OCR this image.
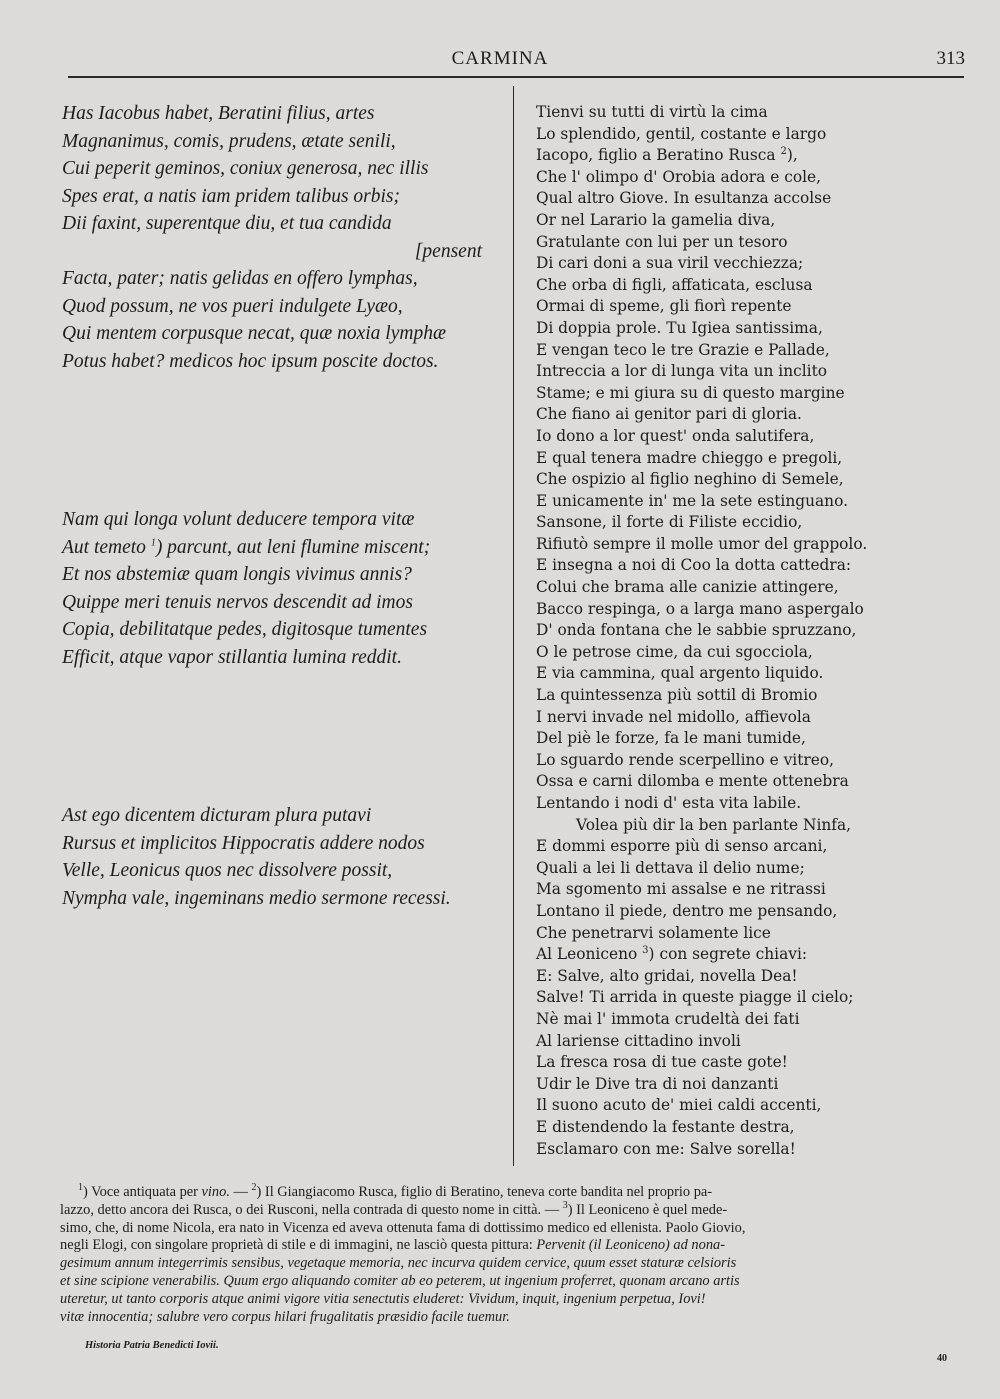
CARMINA	313
Has Iacobus habet, Beratini filius, artes
Magnanimus, comis, prudens, ætate senili,
Cui peperit geminos, coniux generosa, nec illis
Spes erat, a natis iam pridem talibus orbis;
Dii faxint, superentque diu, et tua candida
[pensent
Facta, pater; natis gelidas en offero lymphas,
Quod possum, ne vos pueri indulgete Lyæo,
Qui mentem corpusque necat, quæ noxia lymphæ
Potus habet? medicos hoc ipsum poscite doctos.
Nam qui longa volunt deducere tempora vitæ
Aut temeto $^1$) parcunt, aut leni flumine miscent;
Et nos abstemiæ quam longis vivimus annis?
Quippe meri tenuis nervos descendit ad imos
Copia, debilitatque pedes, digitosque tumentes
Efficit, atque vapor stillantia lumina reddit.
Ast ego dicentem dicturam plura putavi
Rursus et implicitos Hippocratis addere nodos
Velle, Leonicus quos nec dissolvere possit,
Nympha vale, ingeminans medio sermone recessi.
Tienvi su tutti di virtù la cima
Lo splendido, gentil, costante e largo
Iacopo, figlio a Beratino Rusca $^2$),
Che l' olimpo d' Orobia adora e cole,
Qual altro Giove. In esultanza accolse
Or nel Larario la gamelia diva,
Gratulante con lui per un tesoro
Di cari doni a sua viril vecchiezza;
Che orba di figli, affaticata, esclusa
Ormai di speme, gli fiorì repente
Di doppia prole. Tu Igiea santissima,
E vengan teco le tre Grazie e Pallade,
Intreccia a lor di lunga vita un inclito
Stame; e mi giura su di questo margine
Che fiano ai genitor pari di gloria.
Io dono a lor quest' onda salutifera,
E qual tenera madre chieggo e pregoli,
Che ospizio al figlio neghino di Semele,
E unicamente in' me la sete estinguano.
Sansone, il forte di Filiste eccidio,
Rifiutò sempre il molle umor del grappolo.
E insegna a noi di Coo la dotta cattedra:
Colui che brama alle canizie attingere,
Bacco respinga, o a larga mano aspergalo
D' onda fontana che le sabbie spruzzano,
O le petrose cime, da cui sgocciola,
E via cammina, qual argento liquido.
La quintessenza più sottil di Bromio
I nervi invade nel midollo, affievola
Del piè le forze, fa le mani tumide,
Lo sguardo rende scerpellino e vitreo,
Ossa e carni dilomba e mente ottenebra
Lentando i nodi d' esta vita labile.
Volea più dir la ben parlante Ninfa,
E dommi esporre più di senso arcani,
Quali a lei li dettava il delio nume;
Ma sgomento mi assalse e ne ritrassi
Lontano il piede, dentro me pensando,
Che penetrarvi solamente lice
Al Leoniceno $^3$) con segrete chiavi:
E: Salve, alto gridai, novella Dea!
Salve! Ti arrida in queste piagge il cielo;
Nè mai l' immota crudeltà dei fati
Al lariense cittadino involi
La fresca rosa di tue caste gote!
Udir le Dive tra di noi danzanti
Il suono acuto de' miei caldi accenti,
E distendendo la festante destra,
Esclamaro con me: Salve sorella!
$^1$) Voce antiquata per vino. — $^2$) Il Giangiacomo Rusca, figlio di Beratino, teneva corte bandita nel proprio pa-
lazzo, detto ancora dei Rusca, o dei Rusconi, nella contrada di questo nome in città. — $^3$) Il Leoniceno è quel mede-
simo, che, di nome Nicola, era nato in Vicenza ed aveva ottenuta fama di dottissimo medico ed ellenista. Paolo Giovio,
negli Elogi, con singolare proprietà di stile e di immagini, ne lasciò questa pittura: Pervenit (il Leoniceno) ad nona-
gesimum annum integerrimis sensibus, vegetaque memoria, nec incurva quidem cervice, quum esset staturæ celsioris
et sine scipione venerabilis. Quum ergo aliquando comiter ab eo peterem, ut ingenium proferret, quonam arcano artis
uteretur, ut tanto corporis atque animi vigore vitia senectutis eluderet: Vividum, inquit, ingenium perpetua, Iovi!
vitæ innocentia; salubre vero corpus hilari frugalitatis præsidio facile tuemur.
Historia Patria Benedicti Iovii.
40
